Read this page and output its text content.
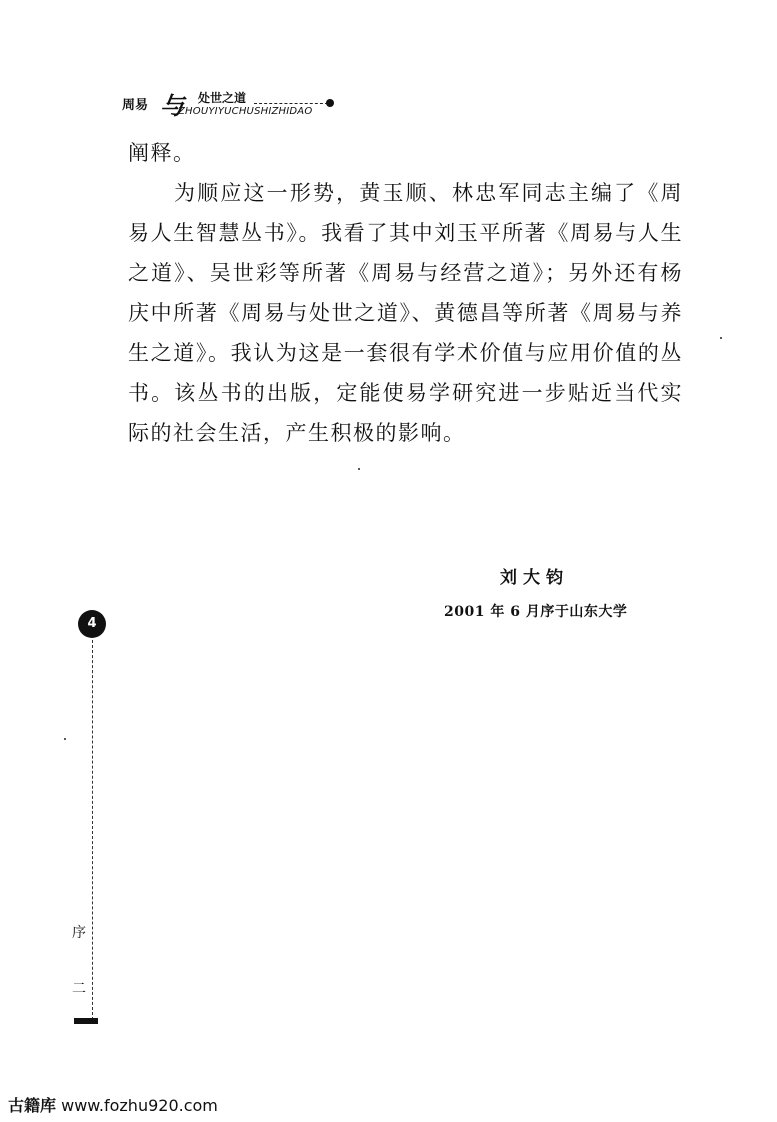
周易 与 处世之道
ZHOUYIYUCHUSHIZHIDAO

阐释。

为顺应这一形势，黄玉顺、林忠军同志主编了《周易人生智慧丛书》。我看了其中刘玉平所著《周易与人生之道》、吴世彩等所著《周易与经营之道》；另外还有杨庆中所著《周易与处世之道》、黄德昌等所著《周易与养生之道》。我认为这是一套很有学术价值与应用价值的丛书。该丛书的出版，定能使易学研究进一步贴近当代实际的社会生活，产生积极的影响。

刘大钧
2001 年 6 月序于山东大学
4
序
二
古籍库 www.fozhu920.com
